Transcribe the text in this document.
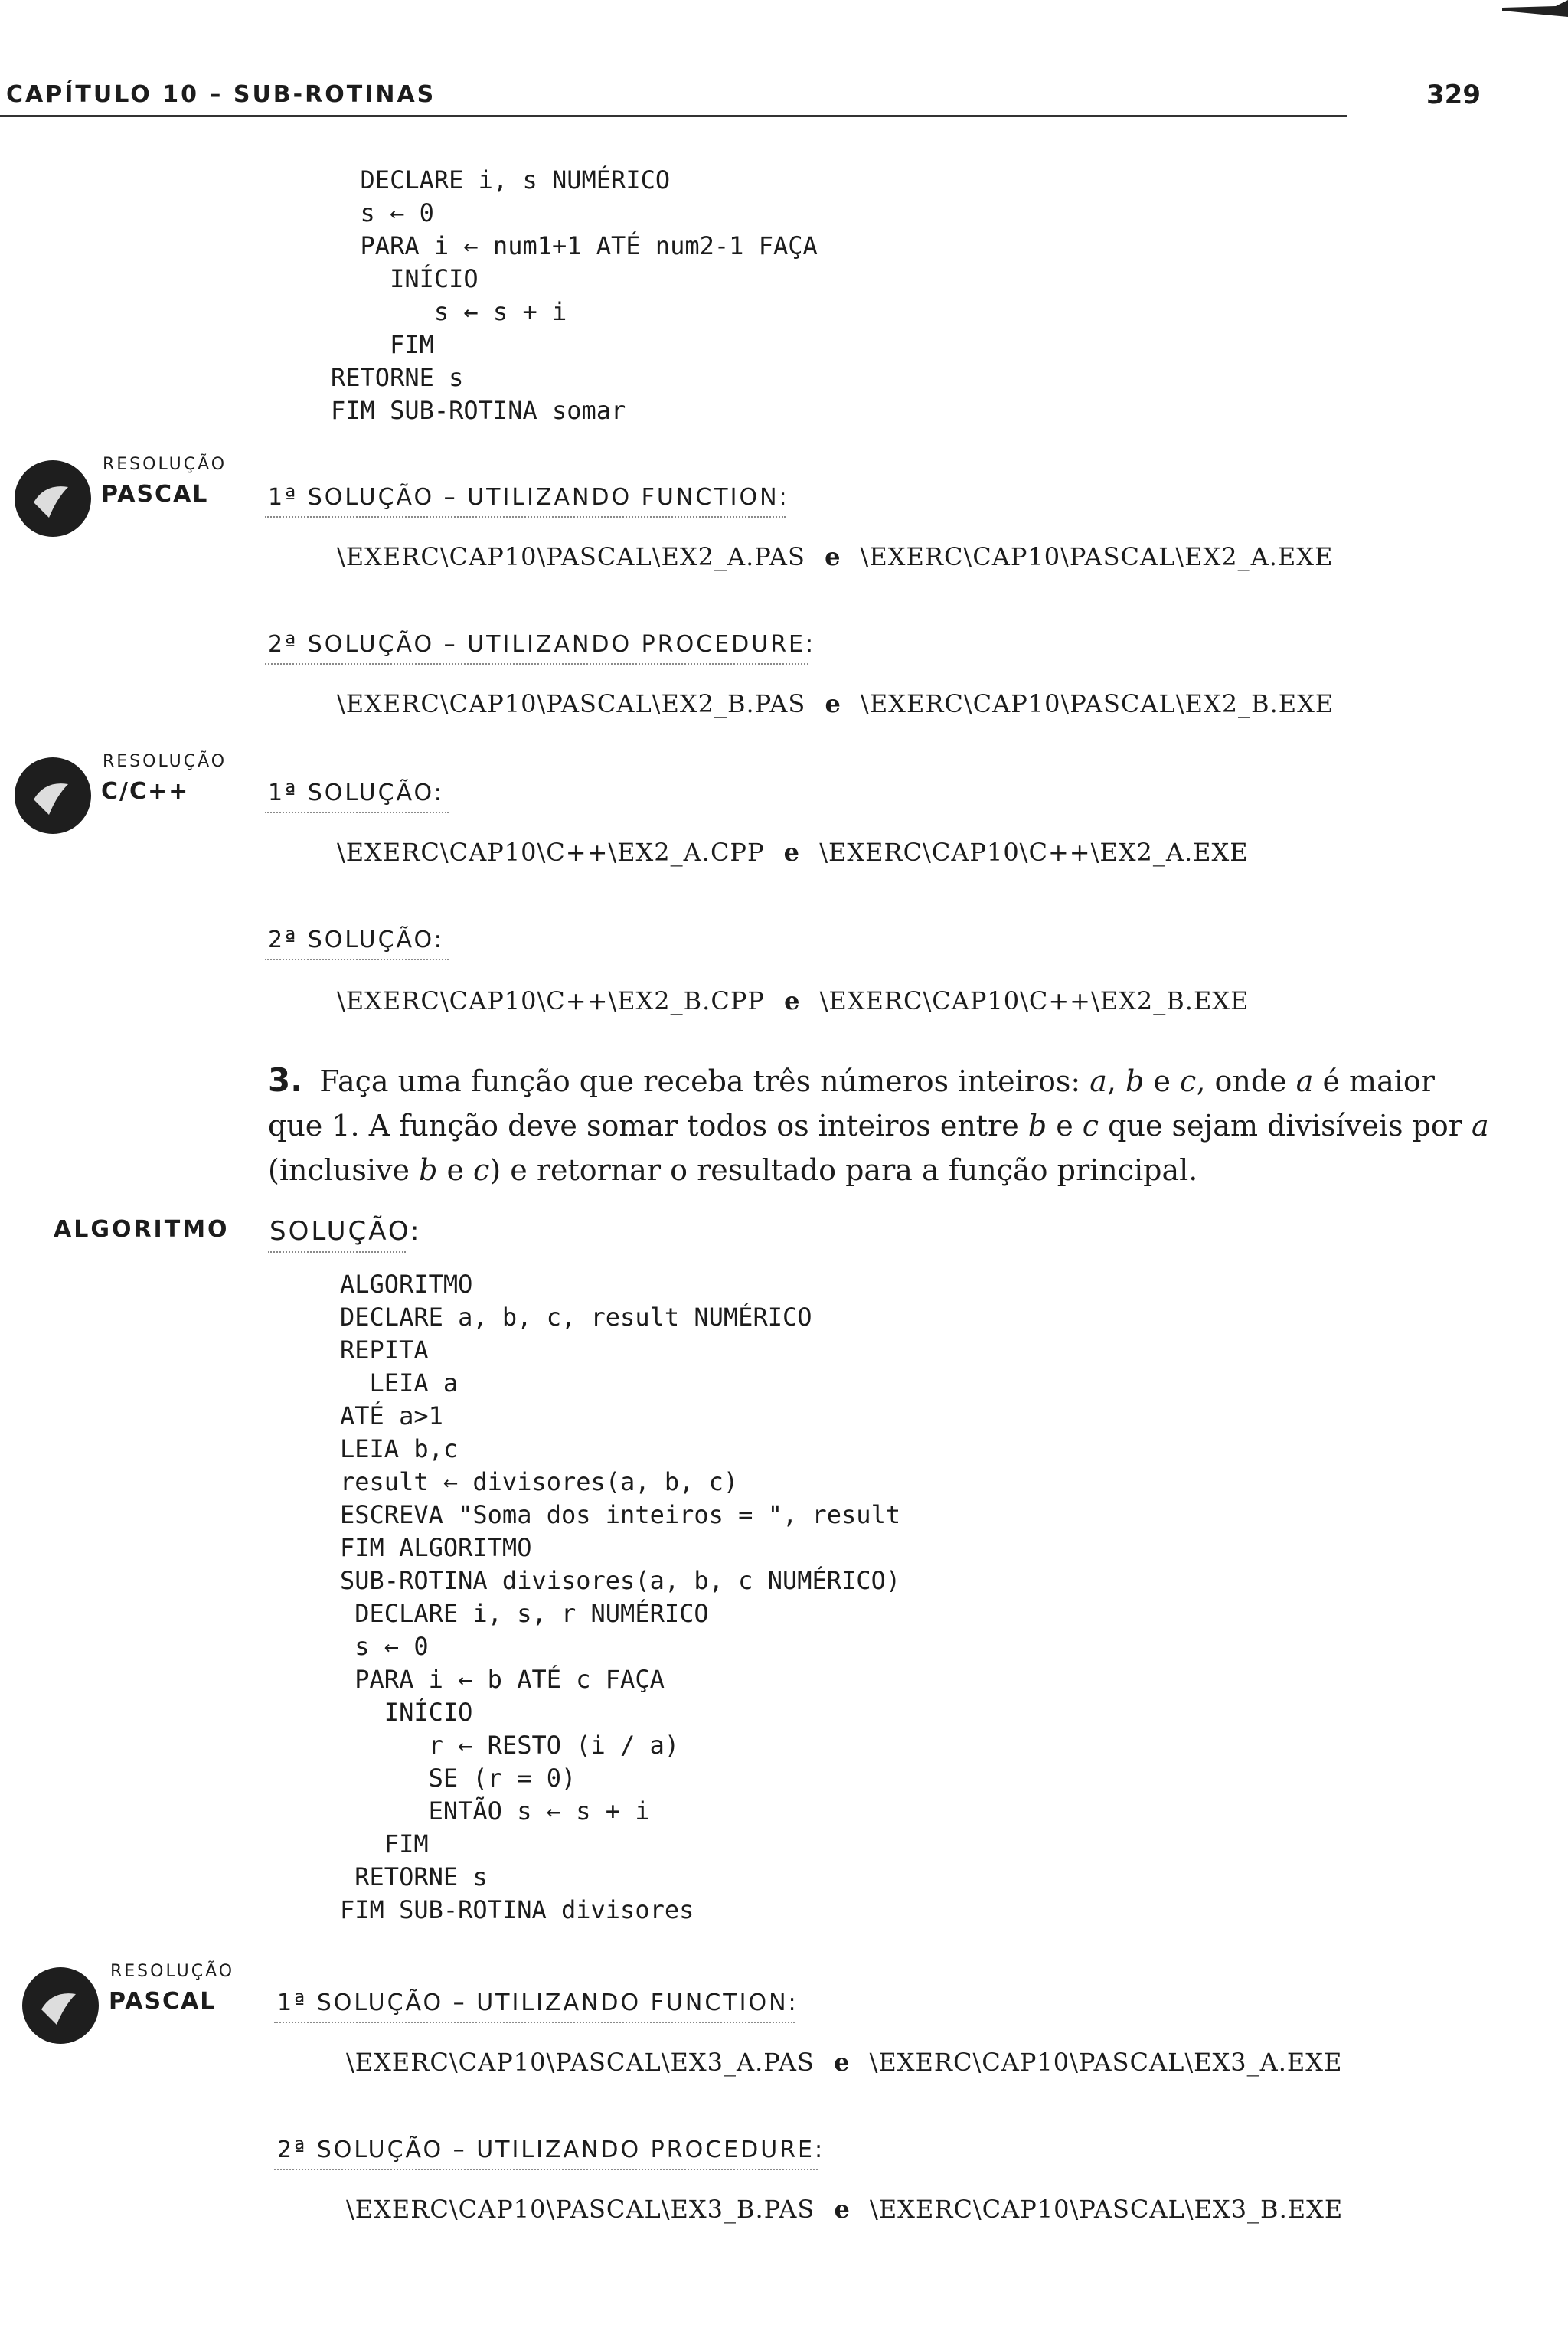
CAPÍTULO 10 – SUB-ROTINAS	329
DECLARE i, s NUMÉRICO
s ← 0
PARA i ← num1+1 ATÉ num2-1 FAÇA
INÍCIO
s ← s + i
FIM
RETORNE s
FIM SUB-ROTINA somar
RESOLUÇÃO
PASCAL	1ª SOLUÇÃO – UTILIZANDO FUNCTION:
\EXERC\CAP10\PASCAL\EX2_A.PAS e \EXERC\CAP10\PASCAL\EX2_A.EXE
2ª SOLUÇÃO – UTILIZANDO PROCEDURE:
\EXERC\CAP10\PASCAL\EX2_B.PAS e \EXERC\CAP10\PASCAL\EX2_B.EXE
RESOLUÇÃO
C/C++	1ª SOLUÇÃO:
\EXERC\CAP10\C++\EX2_A.CPP e \EXERC\CAP10\C++\EX2_A.EXE
2ª SOLUÇÃO:
\EXERC\CAP10\C++\EX2_B.CPP e \EXERC\CAP10\C++\EX2_B.EXE
3. Faça uma função que receba três números inteiros: a, b e c, onde a é maior que 1. A função deve somar todos os inteiros entre b e c que sejam divisíveis por a (inclusive b e c) e retornar o resultado para a função principal.
ALGORITMO SOLUÇÃO:
ALGORITMO
DECLARE a, b, c, result NUMÉRICO
REPITA
LEIA a
ATÉ a>1
LEIA b,c
result ← divisores(a, b, c)
ESCREVA "Soma dos inteiros = ", result
FIM ALGORITMO
SUB-ROTINA divisores(a, b, c NUMÉRICO)
DECLARE i, s, r NUMÉRICO
s ← 0
PARA i ← b ATÉ c FAÇA
INÍCIO
r ← RESTO (i / a)
SE (r = 0)
ENTÃO s ← s + i
FIM
RETORNE s
FIM SUB-ROTINA divisores
RESOLUÇÃO
PASCAL	1ª SOLUÇÃO – UTILIZANDO FUNCTION:
\EXERC\CAP10\PASCAL\EX3_A.PAS e \EXERC\CAP10\PASCAL\EX3_A.EXE
2ª SOLUÇÃO – UTILIZANDO PROCEDURE:
\EXERC\CAP10\PASCAL\EX3_B.PAS e \EXERC\CAP10\PASCAL\EX3_B.EXE
